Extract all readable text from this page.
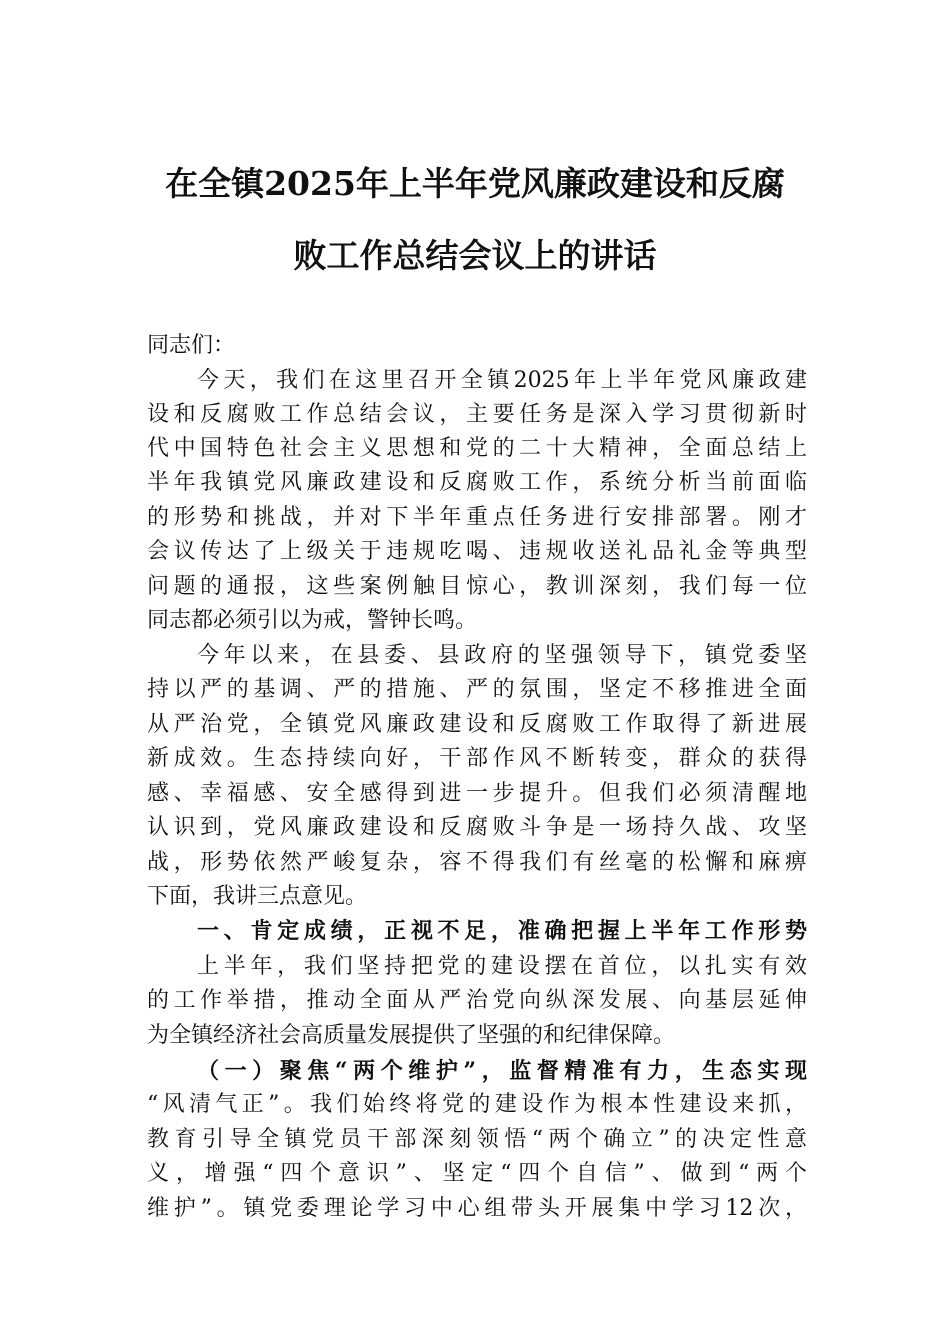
在全镇2025年上半年党风廉政建设和反腐
败工作总结会议上的讲话

同志们：

今天，我们在这里召开全镇2025年上半年党风廉政建

设和反腐败工作总结会议，主要任务是深入学习贯彻新时

代中国特色社会主义思想和党的二十大精神，全面总结上

半年我镇党风廉政建设和反腐败工作，系统分析当前面临

的形势和挑战，并对下半年重点任务进行安排部署。刚才

会议传达了上级关于违规吃喝、违规收送礼品礼金等典型

问题的通报，这些案例触目惊心，教训深刻，我们每一位

同志都必须引以为戒，警钟长鸣。

今年以来，在县委、县政府的坚强领导下，镇党委坚

持以严的基调、严的措施、严的氛围，坚定不移推进全面

从严治党，全镇党风廉政建设和反腐败工作取得了新进展

新成效。生态持续向好，干部作风不断转变，群众的获得

感、幸福感、安全感得到进一步提升。但我们必须清醒地

认识到，党风廉政建设和反腐败斗争是一场持久战、攻坚

战，形势依然严峻复杂，容不得我们有丝毫的松懈和麻痹

下面，我讲三点意见。

一、肯定成绩，正视不足，准确把握上半年工作形势

上半年，我们坚持把党的建设摆在首位，以扎实有效

的工作举措，推动全面从严治党向纵深发展、向基层延伸

为全镇经济社会高质量发展提供了坚强的和纪律保障。

（一）聚焦“两个维护”，监督精准有力，生态实现

“风清气正”。我们始终将党的建设作为根本性建设来抓，

教育引导全镇党员干部深刻领悟“两个确立”的决定性意

义，增强“四个意识”、坚定“四个自信”、做到“两个

维护”。镇党委理论学习中心组带头开展集中学习12次，
